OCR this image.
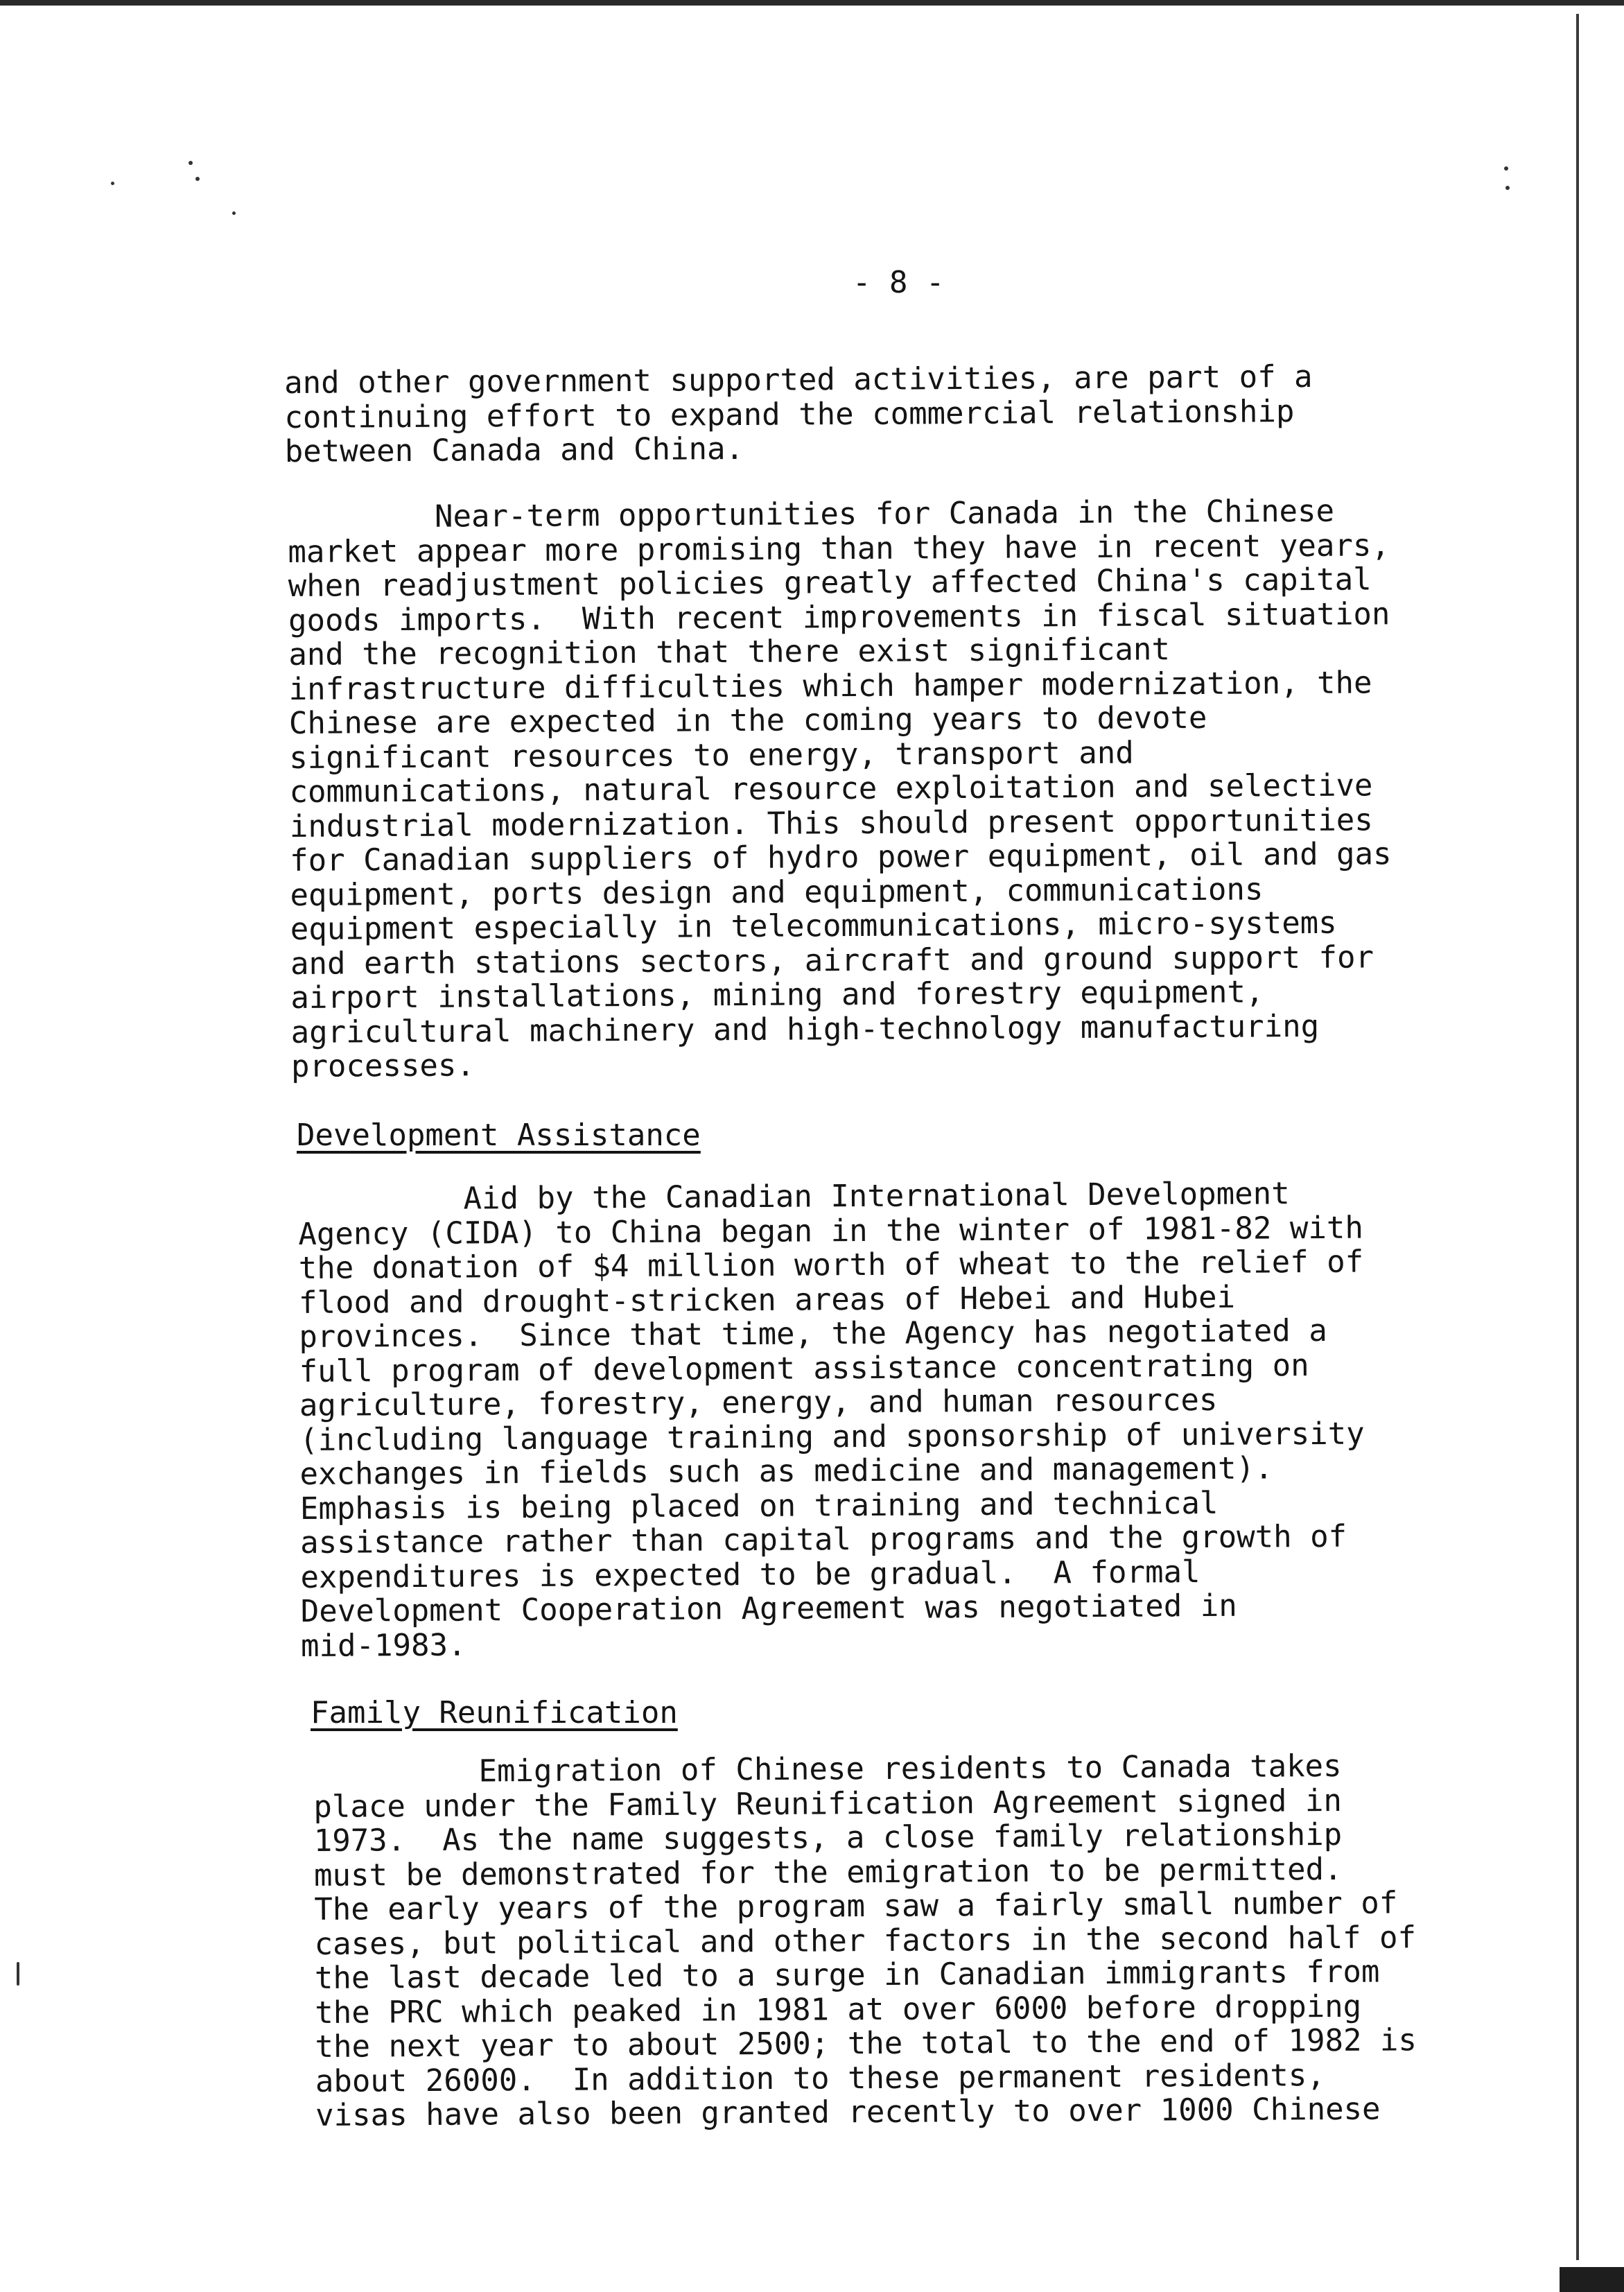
- 8 -
and other government supported activities, are part of a
continuing effort to expand the commercial relationship
between Canada and China.
Near-term opportunities for Canada in the Chinese
market appear more promising than they have in recent years,
when readjustment policies greatly affected China's capital
goods imports.  With recent improvements in fiscal situation
and the recognition that there exist significant
infrastructure difficulties which hamper modernization, the
Chinese are expected in the coming years to devote
significant resources to energy, transport and
communications, natural resource exploitation and selective
industrial modernization. This should present opportunities
for Canadian suppliers of hydro power equipment, oil and gas
equipment, ports design and equipment, communications
equipment especially in telecommunications, micro-systems
and earth stations sectors, aircraft and ground support for
airport installations, mining and forestry equipment,
agricultural machinery and high-technology manufacturing
processes.
Development Assistance
Aid by the Canadian International Development
Agency (CIDA) to China began in the winter of 1981-82 with
the donation of $4 million worth of wheat to the relief of
flood and drought-stricken areas of Hebei and Hubei
provinces.  Since that time, the Agency has negotiated a
full program of development assistance concentrating on
agriculture, forestry, energy, and human resources
(including language training and sponsorship of university
exchanges in fields such as medicine and management).
Emphasis is being placed on training and technical
assistance rather than capital programs and the growth of
expenditures is expected to be gradual.  A formal
Development Cooperation Agreement was negotiated in
mid-1983.
Family Reunification
Emigration of Chinese residents to Canada takes
place under the Family Reunification Agreement signed in
1973.  As the name suggests, a close family relationship
must be demonstrated for the emigration to be permitted.
The early years of the program saw a fairly small number of
cases, but political and other factors in the second half of
the last decade led to a surge in Canadian immigrants from
the PRC which peaked in 1981 at over 6000 before dropping
the next year to about 2500; the total to the end of 1982 is
about 26000.  In addition to these permanent residents,
visas have also been granted recently to over 1000 Chinese
